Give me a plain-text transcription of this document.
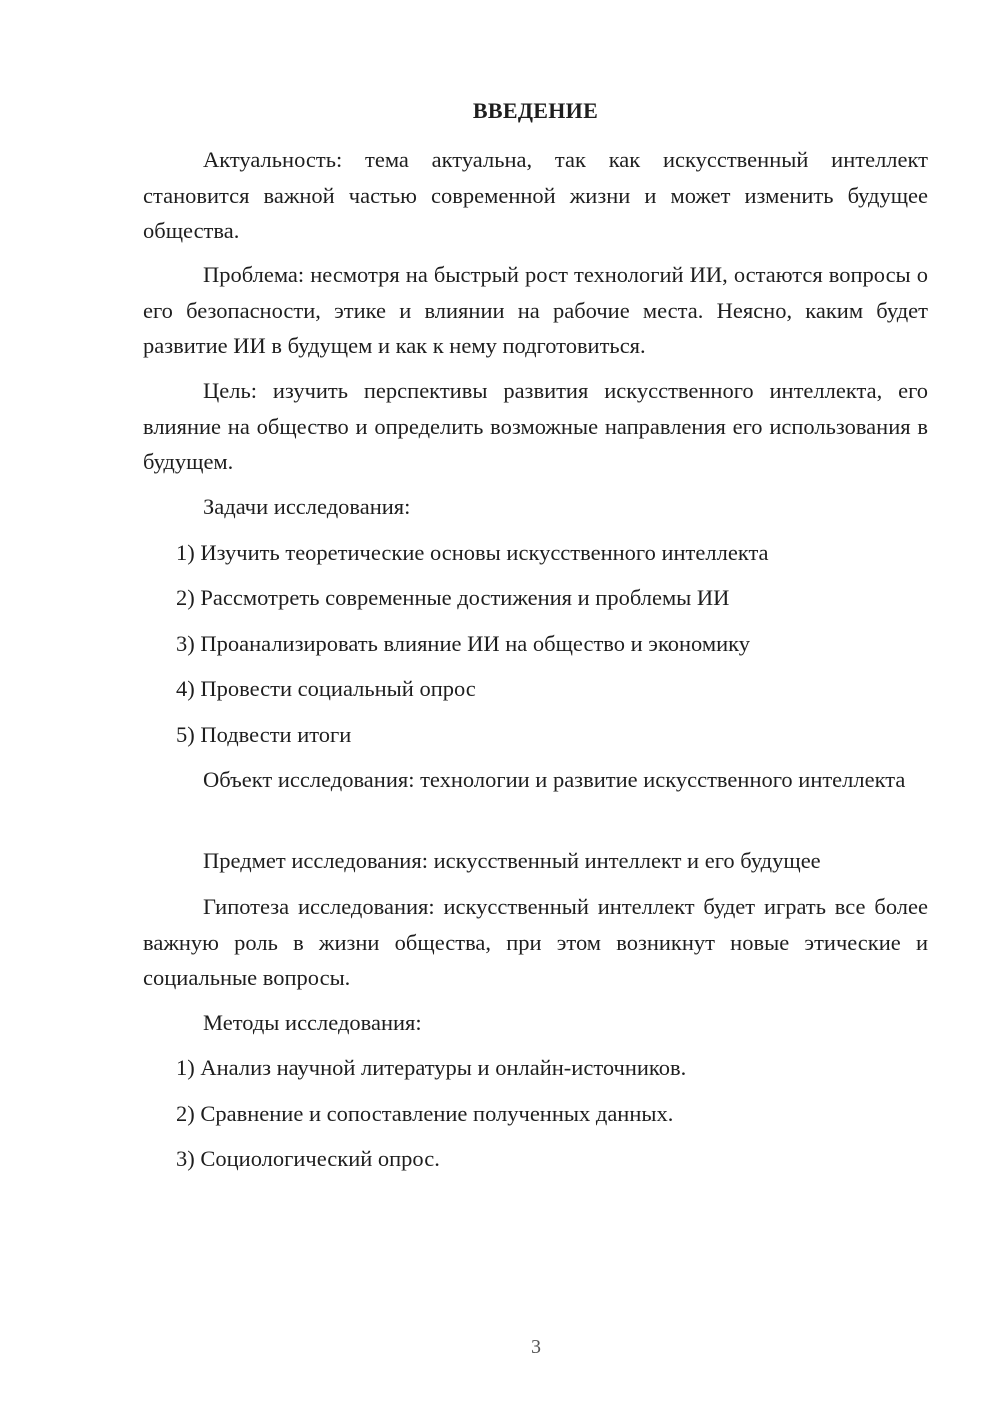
ВВЕДЕНИЕ

Актуальность: тема актуальна, так как искусственный интеллект становится важной частью современной жизни и может изменить будущее общества.

Проблема: несмотря на быстрый рост технологий ИИ, остаются вопросы о его безопасности, этике и влиянии на рабочие места. Неясно, каким будет развитие ИИ в будущем и как к нему подготовиться.

Цель: изучить перспективы развития искусственного интеллекта, его влияние на общество и определить возможные направления его использования в будущем.

Задачи исследования:
1) Изучить теоретические основы искусственного интеллекта
2) Рассмотреть современные достижения и проблемы ИИ
3) Проанализировать влияние ИИ на общество и экономику
4) Провести социальный опрос
5) Подвести итоги

Объект исследования: технологии и развитие искусственного интеллекта

Предмет исследования: искусственный интеллект и его будущее

Гипотеза исследования: искусственный интеллект будет играть все более важную роль в жизни общества, при этом возникнут новые этические и социальные вопросы.

Методы исследования:
1) Анализ научной литературы и онлайн-источников.
2) Сравнение и сопоставление полученных данных.
3) Социологический опрос.
3
